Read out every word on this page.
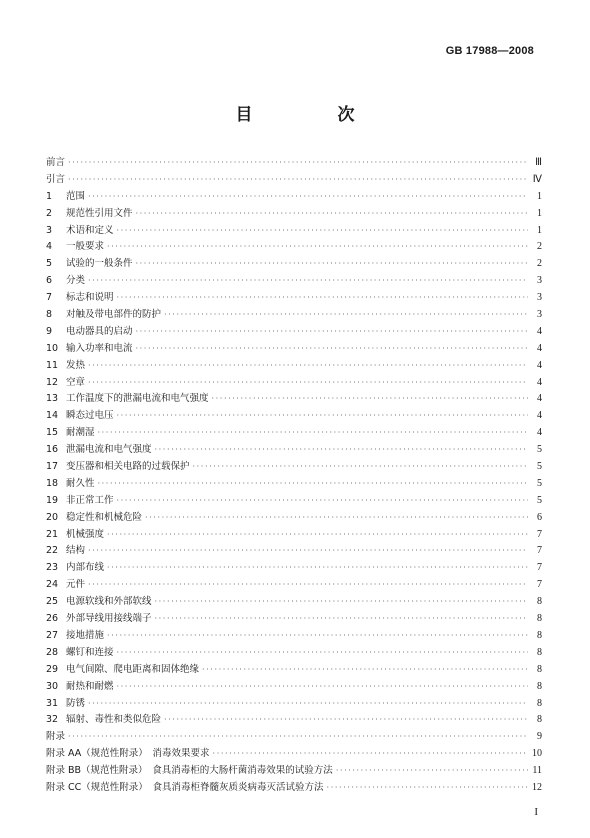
GB 17988—2008
目　次
前言 ·····	Ⅲ
引言 ·····	Ⅳ
1	范围 ·····	1
2	规范性引用文件 ·····	1
3	术语和定义 ·····	1
4	一般要求 ·····	2
5	试验的一般条件 ·····	2
6	分类 ·····	3
7	标志和说明 ·····	3
8	对触及带电部件的防护 ·····	3
9	电动器具的启动 ·····	4
10 输入功率和电流 ·····	4
11 发热 ·····	4
12 空章 ·····	4
13 工作温度下的泄漏电流和电气强度 ·····	4
14 瞬态过电压 ·····	4
15 耐潮湿 ·····	4
16 泄漏电流和电气强度 ·····	5
17 变压器和相关电路的过载保护 ·····	5
18 耐久性 ·····	5
19 非正常工作 ·····	5
20 稳定性和机械危险 ·····	6
21 机械强度 ·····	7
22 结构 ·····	7
23 内部布线 ·····	7
24 元件 ·····	7
25 电源软线和外部软线 ·····	8
26 外部导线用接线端子 ·····	8
27 接地措施 ·····	8
28 螺钉和连接 ·····	8
29 电气间隙、爬电距离和固体绝缘 ·····	8
30 耐热和耐燃 ·····	8
31 防锈 ·····	8
32 辐射、毒性和类似危险 ·····	8
附录 ·····	9
附录 AA（规范性附录）　消毒效果要求 ·····	10
附录 BB（规范性附录）　食具消毒柜的大肠杆菌消毒效果的试验方法 ·····	11
附录 CC（规范性附录）　食具消毒柜脊髓灰质炎病毒灭活试验方法 ·····	12
I
